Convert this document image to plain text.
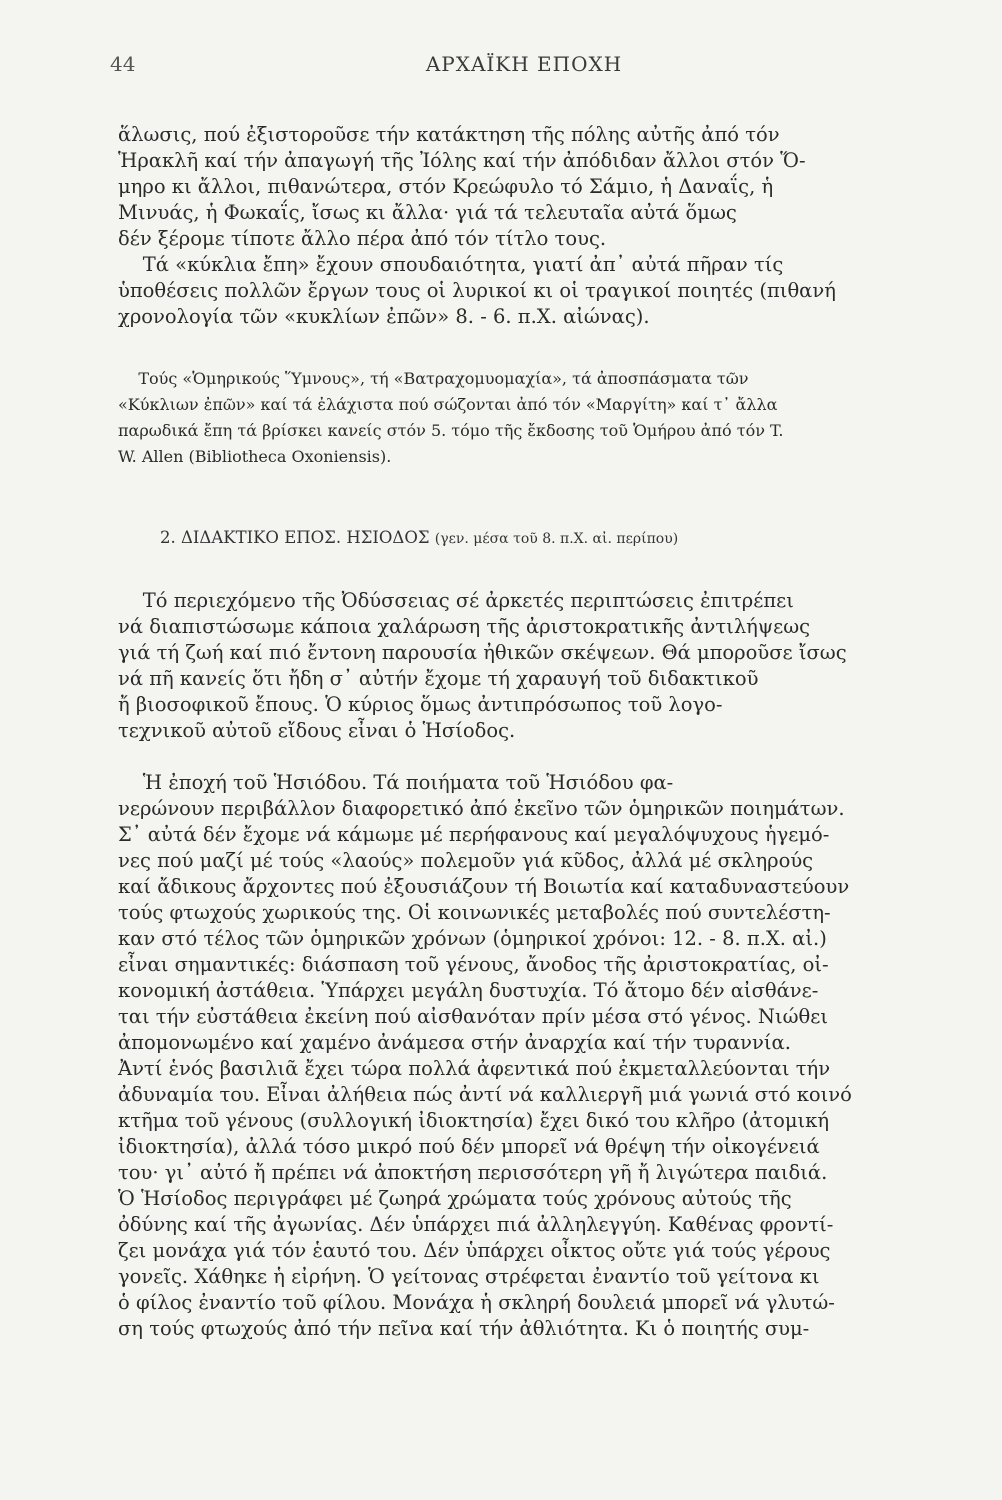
44	ΑΡΧΑΪΚΗ ΕΠΟΧΗ
ἅλωσις, πού ἐξιστοροῦσε τήν κατάκτηση τῆς πόλης αὐτῆς ἀπό τόν
Ἡρακλῆ καί τήν ἀπαγωγή τῆς Ἰόλης καί τήν ἀπόδιδαν ἄλλοι στόν Ὅ-
μηρο κι ἄλλοι, πιθανώτερα, στόν Κρεώφυλο τό Σάμιο, ἡ Δαναΐς, ἡ
Μινυάς, ἡ Φωκαΐς, ἴσως κι ἄλλα· γιά τά τελευταῖα αὐτά ὅμως
δέν ξέρομε τίποτε ἄλλο πέρα ἀπό τόν τίτλο τους.
Τά «κύκλια ἔπη» ἔχουν σπουδαιότητα, γιατί ἀπ᾽ αὐτά πῆραν τίς
ὑποθέσεις πολλῶν ἔργων τους οἱ λυρικοί κι οἱ τραγικοί ποιητές (πιθανή
χρονολογία τῶν «κυκλίων ἐπῶν» 8. - 6. π.Χ. αἰώνας).
Τούς «Ὁμηρικούς Ὕμνους», τή «Βατραχομυομαχία», τά ἀποσπάσματα τῶν
«Κύκλιων ἐπῶν» καί τά ἐλάχιστα πού σώζονται ἀπό τόν «Μαργίτη» καί τ᾽ ἄλλα
παρωδικά ἔπη τά βρίσκει κανείς στόν 5. τόμο τῆς ἔκδοσης τοῦ Ὁμήρου ἀπό τόν T.
W. Allen (Bibliotheca Oxoniensis).
2. ΔΙΔΑΚΤΙΚΟ ΕΠΟΣ. ΗΣΙΟΔΟΣ (γεν. μέσα τοῦ 8. π.Χ. αἰ. περίπου)
Τό περιεχόμενο τῆς Ὀδύσσειας σέ ἀρκετές περιπτώσεις ἐπιτρέπει
νά διαπιστώσωμε κάποια χαλάρωση τῆς ἀριστοκρατικῆς ἀντιλήψεως
γιά τή ζωή καί πιό ἔντονη παρουσία ἠθικῶν σκέψεων. Θά μποροῦσε ἴσως
νά πῆ κανείς ὅτι ἤδη σ᾽ αὐτήν ἔχομε τή χαραυγή τοῦ διδακτικοῦ
ἤ βιοσοφικοῦ ἔπους. Ὁ κύριος ὅμως ἀντιπρόσωπος τοῦ λογο-
τεχνικοῦ αὐτοῦ εἴδους εἶναι ὁ Ἡσίοδος.
Ἡ ἐποχή τοῦ Ἡσιόδου. Τά ποιήματα τοῦ Ἡσιόδου φα-
νερώνουν περιβάλλον διαφορετικό ἀπό ἐκεῖνο τῶν ὁμηρικῶν ποιημάτων.
Σ᾽ αὐτά δέν ἔχομε νά κάμωμε μέ περήφανους καί μεγαλόψυχους ἡγεμό-
νες πού μαζί μέ τούς «λαούς» πολεμοῦν γιά κῦδος, ἀλλά μέ σκληρούς
καί ἄδικους ἄρχοντες πού ἐξουσιάζουν τή Βοιωτία καί καταδυναστεύουν
τούς φτωχούς χωρικούς της. Οἱ κοινωνικές μεταβολές πού συντελέστη-
καν στό τέλος τῶν ὁμηρικῶν χρόνων (ὁμηρικοί χρόνοι: 12. - 8. π.Χ. αἰ.)
εἶναι σημαντικές: διάσπαση τοῦ γένους, ἄνοδος τῆς ἀριστοκρατίας, οἰ-
κονομική ἀστάθεια. Ὑπάρχει μεγάλη δυστυχία. Τό ἄτομο δέν αἰσθάνε-
ται τήν εὐστάθεια ἐκείνη πού αἰσθανόταν πρίν μέσα στό γένος. Νιώθει
ἀπομονωμένο καί χαμένο ἀνάμεσα στήν ἀναρχία καί τήν τυραννία.
Ἀντί ἑνός βασιλιᾶ ἔχει τώρα πολλά ἀφεντικά πού ἐκμεταλλεύονται τήν
ἀδυναμία του. Εἶναι ἀλήθεια πώς ἀντί νά καλλιεργῆ μιά γωνιά στό κοινό
κτῆμα τοῦ γένους (συλλογική ἰδιοκτησία) ἔχει δικό του κλῆρο (ἀτομική
ἰδιοκτησία), ἀλλά τόσο μικρό πού δέν μπορεῖ νά θρέψη τήν οἰκογένειά
του· γι᾽ αὐτό ἤ πρέπει νά ἀποκτήση περισσότερη γῆ ἤ λιγώτερα παιδιά.
Ὁ Ἡσίοδος περιγράφει μέ ζωηρά χρώματα τούς χρόνους αὐτούς τῆς
ὀδύνης καί τῆς ἀγωνίας. Δέν ὑπάρχει πιά ἀλληλεγγύη. Καθένας φροντί-
ζει μονάχα γιά τόν ἑαυτό του. Δέν ὑπάρχει οἶκτος οὔτε γιά τούς γέρους
γονεῖς. Χάθηκε ἡ εἰρήνη. Ὁ γείτονας στρέφεται ἐναντίο τοῦ γείτονα κι
ὁ φίλος ἐναντίο τοῦ φίλου. Μονάχα ἡ σκληρή δουλειά μπορεῖ νά γλυτώ-
ση τούς φτωχούς ἀπό τήν πεῖνα καί τήν ἀθλιότητα. Κι ὁ ποιητής συμ-
